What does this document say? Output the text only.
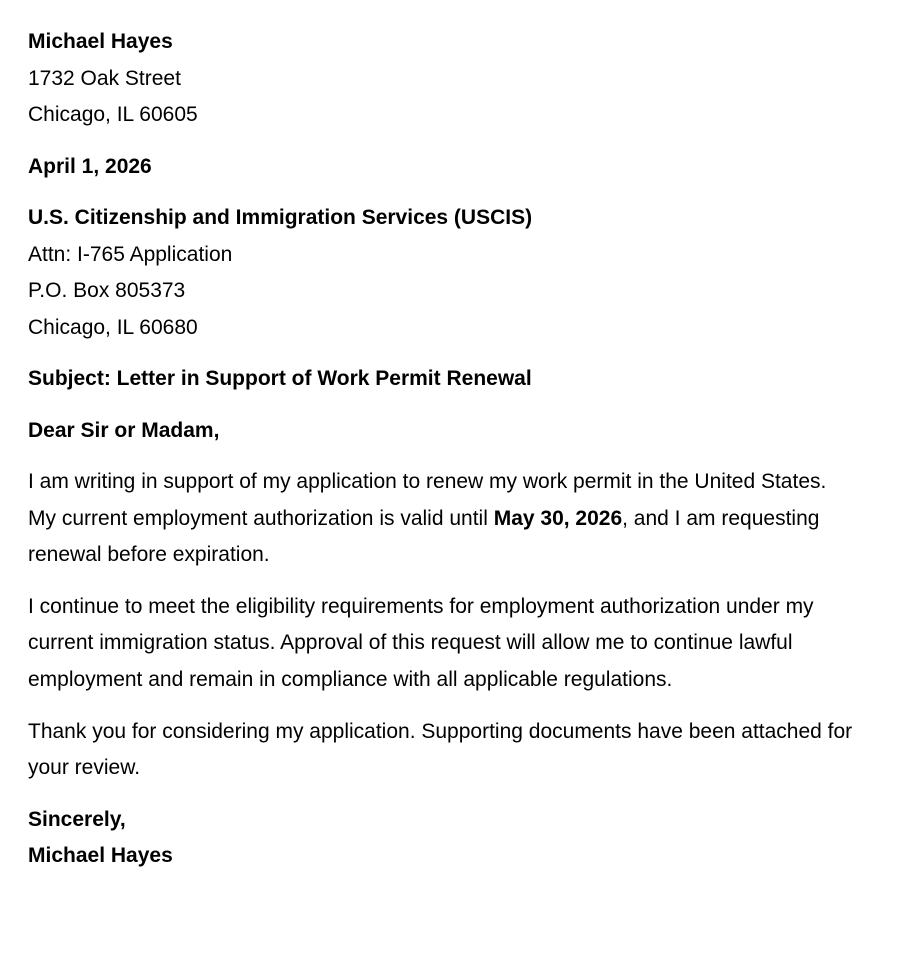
Michael Hayes
1732 Oak Street
Chicago, IL 60605
April 1, 2026
U.S. Citizenship and Immigration Services (USCIS)
Attn: I-765 Application
P.O. Box 805373
Chicago, IL 60680
Subject: Letter in Support of Work Permit Renewal
Dear Sir or Madam,

I am writing in support of my application to renew my work permit in the United States. My current employment authorization is valid until May 30, 2026, and I am requesting renewal before expiration.

I continue to meet the eligibility requirements for employment authorization under my current immigration status. Approval of this request will allow me to continue lawful employment and remain in compliance with all applicable regulations.

Thank you for considering my application. Supporting documents have been attached for your review.

Sincerely,
Michael Hayes
